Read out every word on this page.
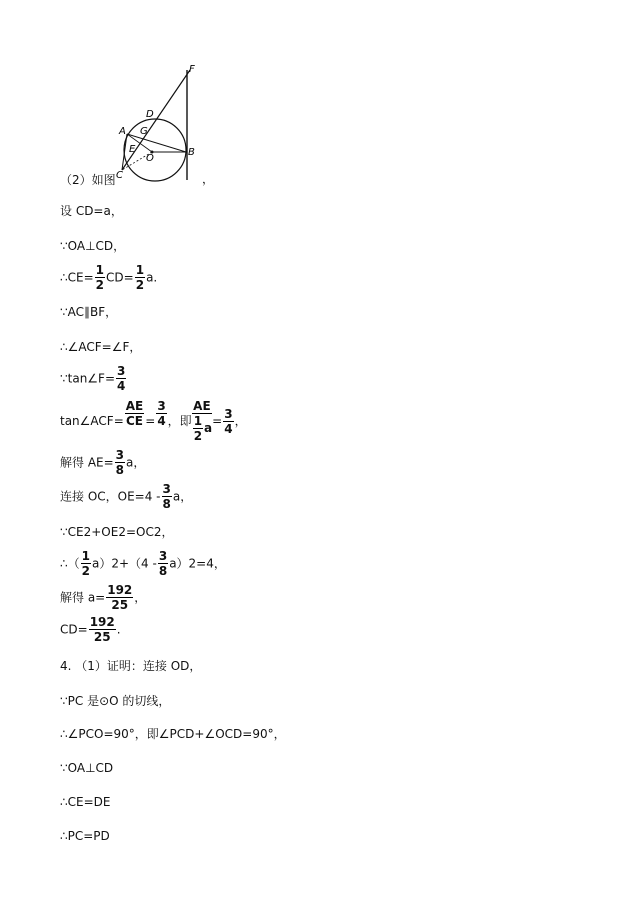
F
D
A G
E
O
B
C
（2）如图	，
设 CD=a，
∵OA⊥CD，
∴CE= $\frac{1}{2} CD= \frac{1}{2} a$.
∵AC∥BF，
∴∠ACF=∠F，
∵tan∠F= $\frac{3}{4}$
tan∠ACF= $\frac{AE}{CE} = \frac{3}{4}$ ，即
AE
$\frac{1}{2} a= \frac{3}{4}$ ，
解得 $AE= \frac{3}{8}$ a，
连接 OC，$OE=4 - \frac{3}{8}$ a，
∵CE2+OE2=OC2，
∴（ $\frac{1}{2} a)2+(4 - \frac{3}{8} a)2=4$，
解得 $a= \frac{192}{25}$ ，
$CD= \frac{192}{25}$ .
4. （1）证明：连接 OD，
∵PC 是⊙O 的切线，
∴∠PCO=90°，即∠PCD+∠OCD=90°，
∵OA⊥CD
∴CE=DE
∴PC=PD
